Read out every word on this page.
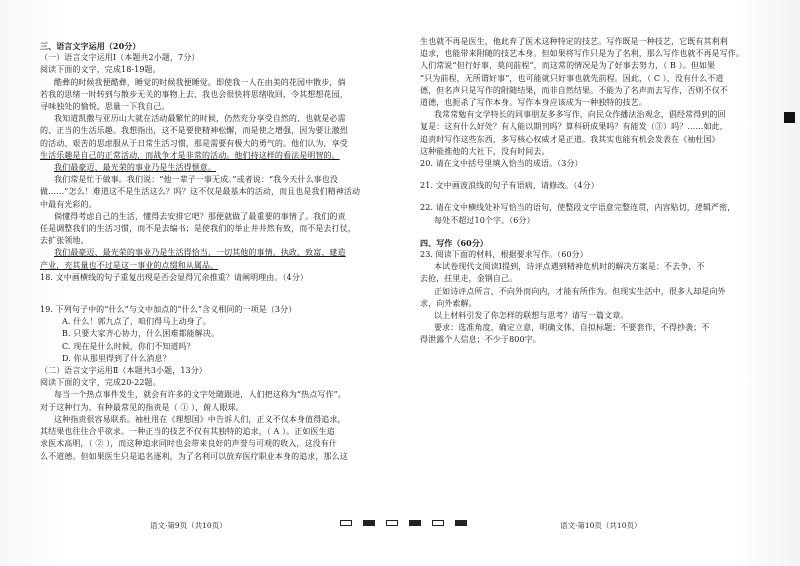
三、语言文字运用（20分）
（一）语言文字运用Ⅰ（本题共2小题，7分）
阅读下面的文字，完成18-19题。
酷彝的时候我便酷彝，睡觉的时候我便睡觉。即使我一人在由美的花园中散步，倘
若我的思绪一时转到与散步无关的事物上去，我也会很快将思绪收回，令其想想花园，
寻味独处的愉悦，思量一下我自己。
我知道凯撒与亚历山大就在活动最繁忙的时候，仍然充分享受自然的、也就是必需
的、正当的生活乐趣。我想指出，这不是要使精神松懈，而是使之增强，因为要让激烈
的活动、艰苦的思虑服从于日常生活习惯，那是需要有极大的勇气的。他们认为，享受
生活乐趣是自己的正常活动，而战争才是非常的活动。他们持这样的看法是明智的。
我们最豪迈、最光荣的事业乃是生活得惬意。
我们常是忙于做事。我们说：“他一辈子一事无成。”或者说：“我今天什么事也没
做……”怎么！难道这不是生活这么？吗？这不仅是最基本的活动，而且也是我们精神活动
中最有光彩的。
倘懂得考虑自己的生活，懂得去安排它吧？那便就做了最重要的事情了。我们的责
任是调整我们的生活习惯，而不是去编书；是使我们的举止井井然有致，而不是去打仗，
去扩张领地。
我们最豪迈、最光荣的事业乃是生活得恰当，一切其他的事情，执政、致富、建造
产业，充其量也不过是这一事业的点缀和从属品。
18. 文中画横线的句子重复出现是否会显得冗余推重？请阐明理由。（4分）
19. 下列句子中的“什么”与文中加点的“什么”含义相同的一项是（3分）
A. 什么！郭九点了，咱们得马上动身了。
B. 只要大家齐心协力，什么困难都能解决。
C. 现在是什么时候，你们不知道吗？
D. 你从那里得到了什么消息？
（二）语言文字运用Ⅱ（本题共3小题，13分）
阅读下面的文字，完成20-22题。
每当一个热点事件发生，就会有许多的文字处随跟进，人们把这称为“热点写作”。
对于这种行为，有种最常见的指责是（ ① ），俯人眼球。
这种指责很容易联系。袖杜用在《理想国》中告诉人们，正义不仅本身值得追求，
其结果也往往合乎欲求。一种正当的技艺不仅有其独特的追求，（ A ）。正如医生追
求医术高明，（ ② ），而这种追求同时也会带来良好的声誉与可观的收入，这没有什
么不道德。但如果医生只是追名逐利，为了名利可以放弃医疗职业本身的追求，那么这
生也就不再是医生，他此弃了医术这种特定的技艺。写作既是一种技艺，它既有其利利
追求，也能带来附随的技艺本身。但如果将写作只是为了名利，那么写作也就不再是写作。
人们常说“但行好事，莫问前程”，而这常的情况是为了好事去努力，（ B ）。但如果
“只为前程，无所谓好事”，也可能就只好事也就先前程。因此，（ C ），没有什么不道
德，但名声只是写作的附随结果，而非自然结果。不能为了名声而去写作，否则不仅不
道德，也扼杀了写作本身。写作本身应该成为一种独特的技艺。
我常常勉有文学特长的同事朋友多多写作，向民众作播法治观念，倡经常得到的回
复是：这有什么好处？有人能以期刊吗？算科研成果吗？有能发（③）吗？……如此，
追责时写作这些东西，多写核心权威才是正道。我其实也能有机会发表在《袖杜国》
这种能推他的大社下，没有时间去。
20. 请在文中括号里填入恰当的成语。（3分）
21. 文中画波浪线的句子有语病，请修改。（4分）
22. 请在文中横线处补写恰当的语句，使整段文字语意完整连贯，内容贴切，逻辑严密，
每处不超过10个字。（6分）
四、写作（60分）
23. 阅读下面的材料，根据要求写作。（60分）
本试卷现代文阅读Ⅰ提到，诗评点遇到精神危机时的解决方案是：不去争，不
去抢，拄里走，金钢自己。
正如诗评点所言，不向外而向内，才能有所作为。但现实生活中，很多人却是向外
求，向外索解。
以上材料引发了你怎样的联想与思考？请写一篇文章。
要求：选准角度，确定立意，明确文体，自拟标题；不要套作，不得抄袭；不
得泄露个人信息；不少于800字。
语文·第9页（共10页）	语文·第10页（共10页）
